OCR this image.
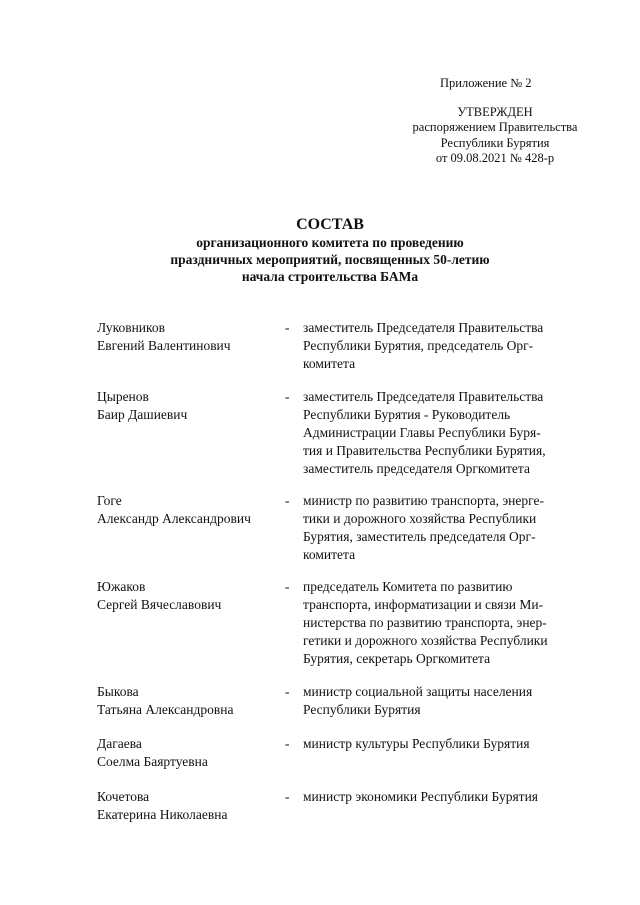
Приложение № 2
УТВЕРЖДЕН
распоряжением Правительства
Республики Бурятия
от 09.08.2021 № 428-р
СОСТАВ
организационного комитета по проведению
праздничных мероприятий, посвященных 50-летию
начала строительства БАМа
Луковников
Евгений Валентинович
-	заместитель Председателя Правительства
Республики Бурятия, председатель Орг-
комитета
Цыренов
Баир Дашиевич
-	заместитель Председателя Правительства
Республики Бурятия - Руководитель
Администрации Главы Республики Буря-
тия и Правительства Республики Бурятия,
заместитель председателя Оргкомитета
Гоге
Александр Александрович
-	министр по развитию транспорта, энерге-
тики и дорожного хозяйства Республики
Бурятия, заместитель председателя Орг-
комитета
Южаков
Сергей Вячеславович
-	председатель Комитета по развитию
транспорта, информатизации и связи Ми-
нистерства по развитию транспорта, энер-
гетики и дорожного хозяйства Республики
Бурятия, секретарь Оргкомитета
Быкова
Татьяна Александровна
-	министр социальной защиты населения
Республики Бурятия
Дагаева
Соелма Баяртуевна
-	министр культуры Республики Бурятия
Кочетова
Екатерина Николаевна
-	министр экономики Республики Бурятия
